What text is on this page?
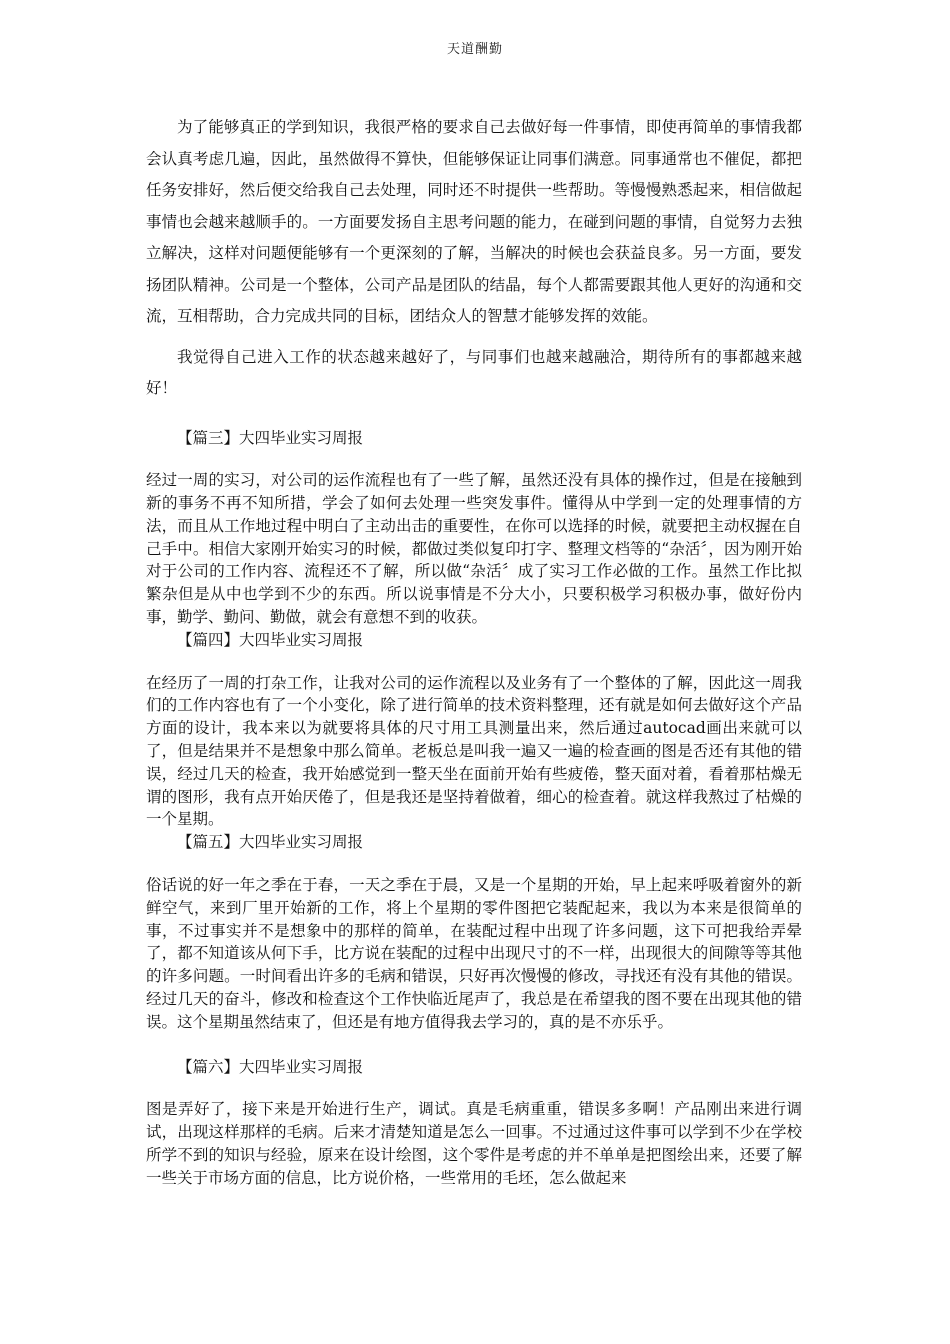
天道酬勤

为了能够真正的学到知识，我很严格的要求自己去做好每一件事情，即使再简单的事情我都会认真考虑几遍，因此，虽然做得不算快，但能够保证让同事们满意。同事通常也不催促，都把任务安排好，然后便交给我自己去处理，同时还不时提供一些帮助。等慢慢熟悉起来，相信做起事情也会越来越顺手的。一方面要发扬自主思考问题的能力，在碰到问题的事情，自觉努力去独立解决，这样对问题便能够有一个更深刻的了解，当解决的时候也会获益良多。另一方面，要发扬团队精神。公司是一个整体，公司产品是团队的结晶，每个人都需要跟其他人更好的沟通和交流，互相帮助，合力完成共同的目标，团结众人的智慧才能够发挥的效能。

我觉得自己进入工作的状态越来越好了，与同事们也越来越融洽，期待所有的事都越来越好！

【篇三】大四毕业实习周报

经过一周的实习，对公司的运作流程也有了一些了解，虽然还没有具体的操作过，但是在接触到新的事务不再不知所措，学会了如何去处理一些突发事件。懂得从中学到一定的处理事情的方法，而且从工作地过程中明白了主动出击的重要性，在你可以选择的时候，就要把主动权握在自己手中。相信大家刚开始实习的时候，都做过类似复印打字、整理文档等的“杂活〞，因为刚开始对于公司的工作内容、流程还不了解，所以做“杂活〞成了实习工作必做的工作。虽然工作比拟繁杂但是从中也学到不少的东西。所以说事情是不分大小，只要积极学习积极办事，做好份内事，勤学、勤问、勤做，就会有意想不到的收获。

【篇四】大四毕业实习周报

在经历了一周的打杂工作，让我对公司的运作流程以及业务有了一个整体的了解，因此这一周我们的工作内容也有了一个小变化，除了进行简单的技术资料整理，还有就是如何去做好这个产品方面的设计，我本来以为就要将具体的尺寸用工具测量出来，然后通过autocad画出来就可以了，但是结果并不是想象中那么简单。老板总是叫我一遍又一遍的检查画的图是否还有其他的错误，经过几天的检查，我开始感觉到一整天坐在面前开始有些疲倦，整天面对着，看着那枯燥无谓的图形，我有点开始厌倦了，但是我还是坚持着做着，细心的检查着。就这样我熬过了枯燥的一个星期。

【篇五】大四毕业实习周报

俗话说的好一年之季在于春，一天之季在于晨，又是一个星期的开始，早上起来呼吸着窗外的新鲜空气，来到厂里开始新的工作，将上个星期的零件图把它装配起来，我以为本来是很简单的事，不过事实并不是想象中的那样的简单，在装配过程中出现了许多问题，这下可把我给弄晕了，都不知道该从何下手，比方说在装配的过程中出现尺寸的不一样，出现很大的间隙等等其他的许多问题。一时间看出许多的毛病和错误，只好再次慢慢的修改，寻找还有没有其他的错误。经过几天的奋斗，修改和检查这个工作快临近尾声了，我总是在希望我的图不要在出现其他的错误。这个星期虽然结束了，但还是有地方值得我去学习的，真的是不亦乐乎。

【篇六】大四毕业实习周报

图是弄好了，接下来是开始进行生产，调试。真是毛病重重，错误多多啊！产品刚出来进行调试，出现这样那样的毛病。后来才清楚知道是怎么一回事。不过通过这件事可以学到不少在学校所学不到的知识与经验，原来在设计绘图，这个零件是考虑的并不单单是把图绘出来，还要了解一些关于市场方面的信息，比方说价格，一些常用的毛坯，怎么做起来
